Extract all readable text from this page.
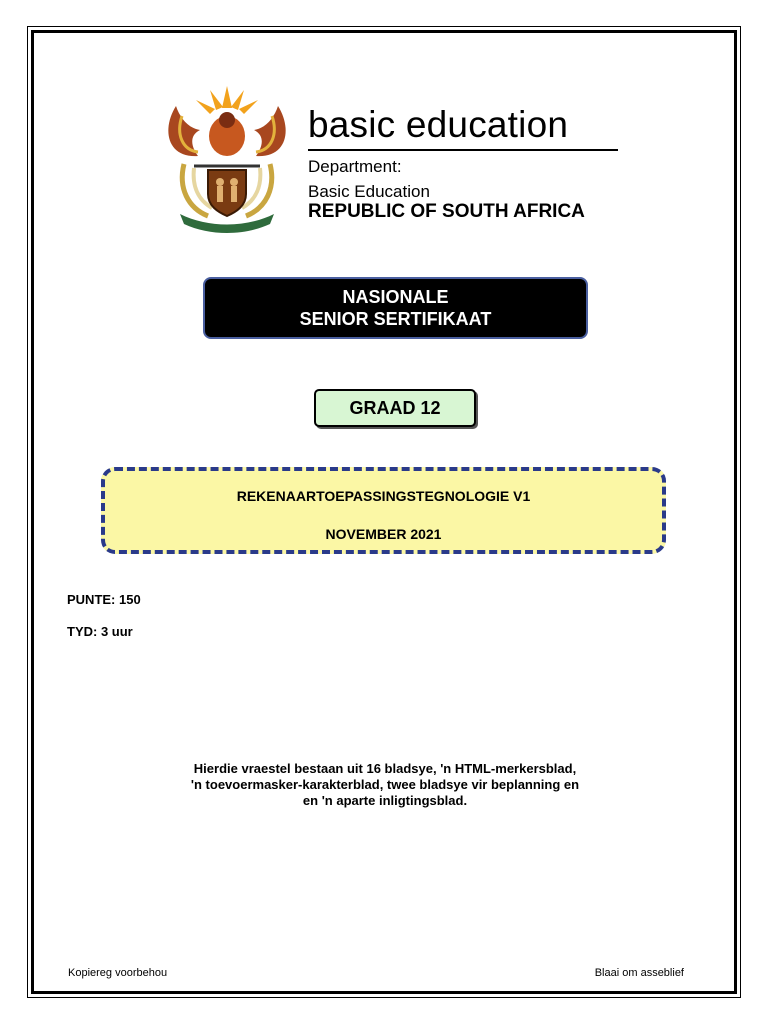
basic education
Department:
Basic Education
REPUBLIC OF SOUTH AFRICA
NASIONALE
SENIOR SERTIFIKAAT
GRAAD 12
REKENAARTOEPASSINGSTEGNOLOGIE V1
NOVEMBER 2021
PUNTE: 150
TYD: 3 uur
Hierdie vraestel bestaan uit 16 bladsye, 'n HTML-merkersblad,
'n toevoermasker-karakterblad, twee bladsye vir beplanning en
en 'n aparte inligtingsblad.
Kopiereg voorbehou	Blaai om asseblief
